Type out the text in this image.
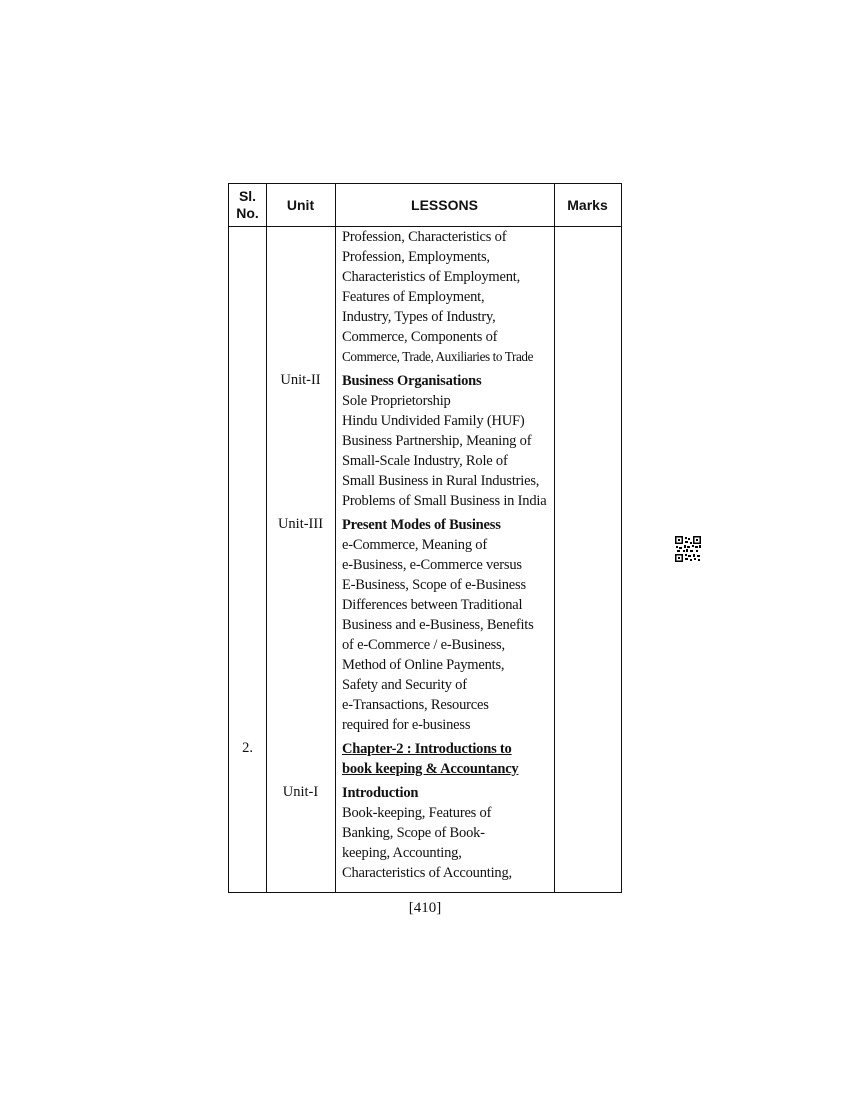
Sl.
No.
Unit	LESSONS	Marks
Unit-II
Unit-III
2.
Unit-I
Profession, Characteristics of
Profession, Employments,
Characteristics of Employment,
Features of Employment,
Industry, Types of Industry,
Commerce, Components of
Commerce, Trade, Auxiliaries to Trade
Business Organisations
Sole Proprietorship
Hindu Undivided Family (HUF)
Business Partnership, Meaning of
Small-Scale Industry, Role of
Small Business in Rural Industries,
Problems of Small Business in India
Present Modes of Business
e-Commerce, Meaning of
e-Business, e-Commerce versus
E-Business, Scope of e-Business
Differences between Traditional
Business and e-Business, Benefits
of e-Commerce / e-Business,
Method of Online Payments,
Safety and Security of
e-Transactions, Resources
required for e-business
Chapter-2 : Introductions to
book keeping & Accountancy
Introduction
Book-keeping, Features of
Banking, Scope of Book-
keeping, Accounting,
Characteristics of Accounting,
[410]
